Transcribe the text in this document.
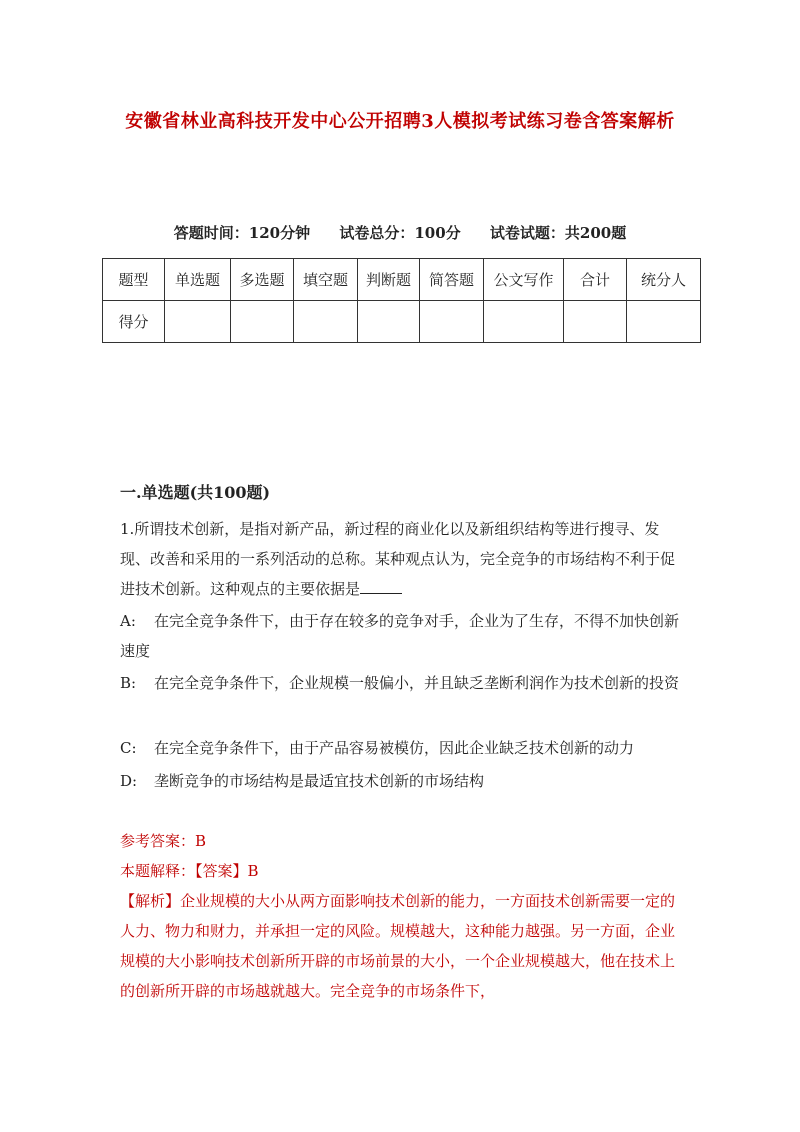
安徽省林业高科技开发中心公开招聘3人模拟考试练习卷含答案解析
答题时间：120分钟 试卷总分：100分 试卷试题：共200题
题型	单选题	多选题	填空题	判断题	简答题	公文写作	合计	统分人
得分								
一.单选题(共100题)
1.所谓技术创新，是指对新产品，新过程的商业化以及新组织结构等进行搜寻、发现、改善和采用的一系列活动的总称。某种观点认为，完全竞争的市场结构不利于促进技术创新。这种观点的主要依据是
A: 在完全竞争条件下，由于存在较多的竞争对手，企业为了生存，不得不加快创新速度
B: 在完全竞争条件下，企业规模一般偏小，并且缺乏垄断利润作为技术创新的投资
C: 在完全竞争条件下，由于产品容易被模仿，因此企业缺乏技术创新的动力
D: 垄断竞争的市场结构是最适宜技术创新的市场结构
参考答案：B
本题解释：【答案】B
【解析】企业规模的大小从两方面影响技术创新的能力，一方面技术创新需要一定的人力、物力和财力，并承担一定的风险。规模越大，这种能力越强。另一方面，企业规模的大小影响技术创新所开辟的市场前景的大小，一个企业规模越大，他在技术上的创新所开辟的市场越就越大。完全竞争的市场条件下，
